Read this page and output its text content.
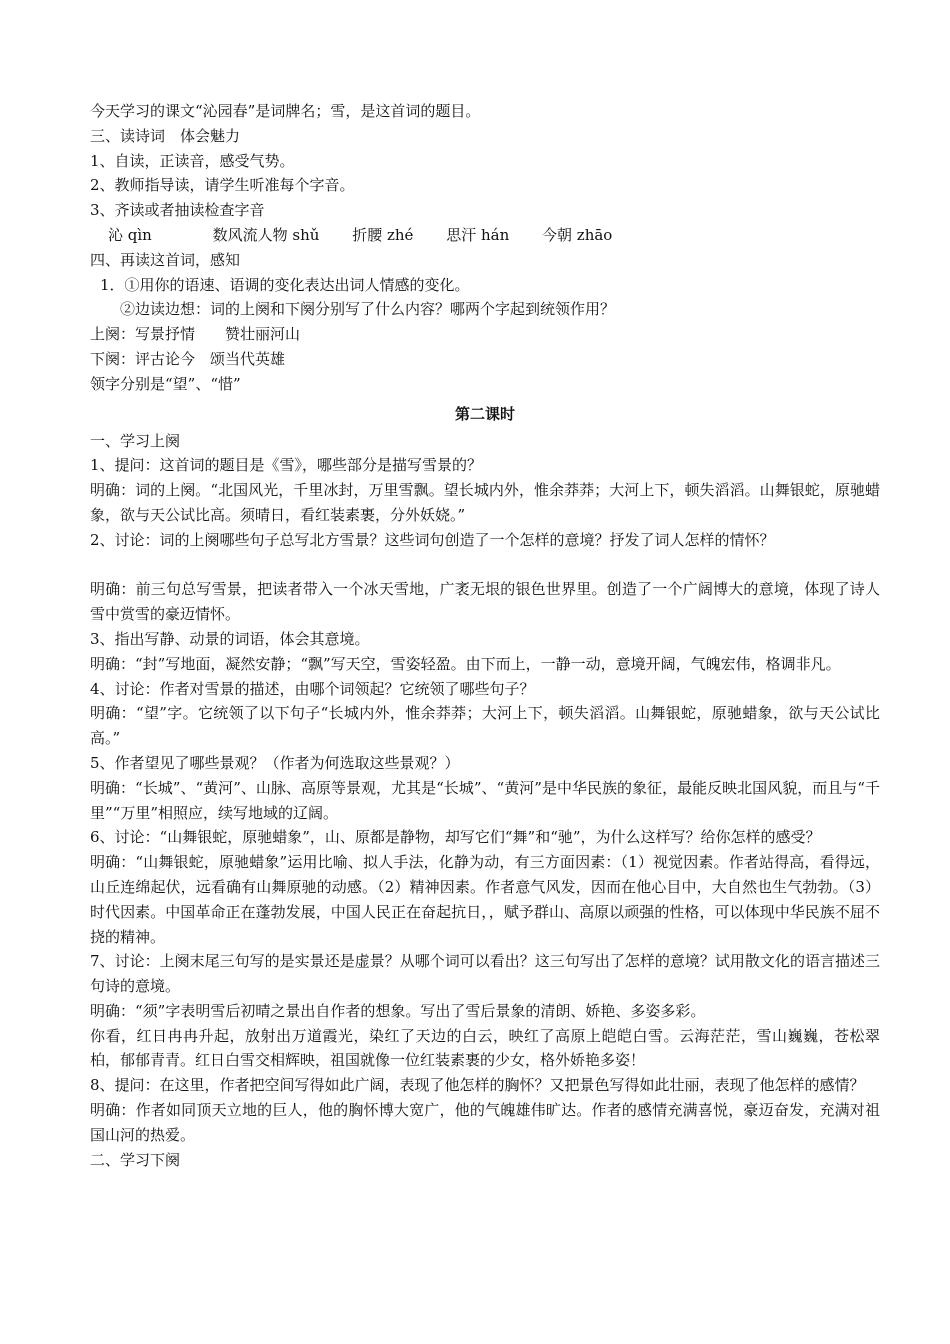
今天学习的课文“沁园春”是词牌名；雪，是这首词的题目。
三、读诗词　体会魅力
1、自读，正读音，感受气势。
2、教师指导读，请学生听准每个字音。
3、齐读或者抽读检查字音
沁 qìn	数风流人物 shǔ 折腰 zhé 思汗 hán 今朝 zhāo
四、再读这首词，感知
1．①用你的语速、语调的变化表达出词人情感的变化。
②边读边想：词的上阕和下阕分别写了什么内容？哪两个字起到统领作用？
上阕：写景抒情　　赞壮丽河山
下阕：评古论今　颂当代英雄
领字分别是“望”、“惜”
第二课时
一、学习上阕
1、提问：这首词的题目是《雪》，哪些部分是描写雪景的？
明确：词的上阕。“北国风光，千里冰封，万里雪飘。望长城内外，惟余莽莽；大河上下，顿失滔滔。山舞银蛇，原驰蜡象，欲与天公试比高。须晴日，看红装素裹，分外妖娆。”
2、讨论：词的上阕哪些句子总写北方雪景？这些词句创造了一个怎样的意境？抒发了词人怎样的情怀？
明确：前三句总写雪景，把读者带入一个冰天雪地，广袤无垠的银色世界里。创造了一个广阔博大的意境，体现了诗人雪中赏雪的豪迈情怀。
3、指出写静、动景的词语，体会其意境。
明确：“封”写地面，凝然安静；“飘”写天空，雪姿轻盈。由下而上，一静一动，意境开阔，气魄宏伟，格调非凡。
4、讨论：作者对雪景的描述，由哪个词领起？它统领了哪些句子？
明确：“望”字。它统领了以下句子“长城内外，惟余莽莽；大河上下，顿失滔滔。山舞银蛇，原驰蜡象，欲与天公试比高。”
5、作者望见了哪些景观？（作者为何选取这些景观？）
明确：“长城”、“黄河”、山脉、高原等景观，尤其是“长城”、“黄河”是中华民族的象征，最能反映北国风貌，而且与“千里”“万里”相照应，续写地域的辽阔。
6、讨论：“山舞银蛇，原驰蜡象”，山、原都是静物，却写它们“舞”和“驰”，为什么这样写？给你怎样的感受？
明确：“山舞银蛇，原驰蜡象”运用比喻、拟人手法，化静为动，有三方面因素：（1）视觉因素。作者站得高，看得远，山丘连绵起伏，远看确有山舞原驰的动感。（2）精神因素。作者意气风发，因而在他心目中，大自然也生气勃勃。（3）时代因素。中国革命正在蓬勃发展，中国人民正在奋起抗日，，赋予群山、高原以顽强的性格，可以体现中华民族不屈不挠的精神。
7、讨论：上阕末尾三句写的是实景还是虚景？从哪个词可以看出？这三句写出了怎样的意境？试用散文化的语言描述三句诗的意境。
明确：“须”字表明雪后初晴之景出自作者的想象。写出了雪后景象的清朗、娇艳、多姿多彩。
你看，红日冉冉升起，放射出万道霞光，染红了天边的白云，映红了高原上皑皑白雪。云海茫茫，雪山巍巍，苍松翠柏，郁郁青青。红日白雪交相辉映，祖国就像一位红装素裹的少女，格外娇艳多姿！
8、提问：在这里，作者把空间写得如此广阔，表现了他怎样的胸怀？又把景色写得如此壮丽，表现了他怎样的感情？
明确：作者如同顶天立地的巨人，他的胸怀博大宽广，他的气魄雄伟旷达。作者的感情充满喜悦，豪迈奋发，充满对祖国山河的热爱。
二、学习下阕
